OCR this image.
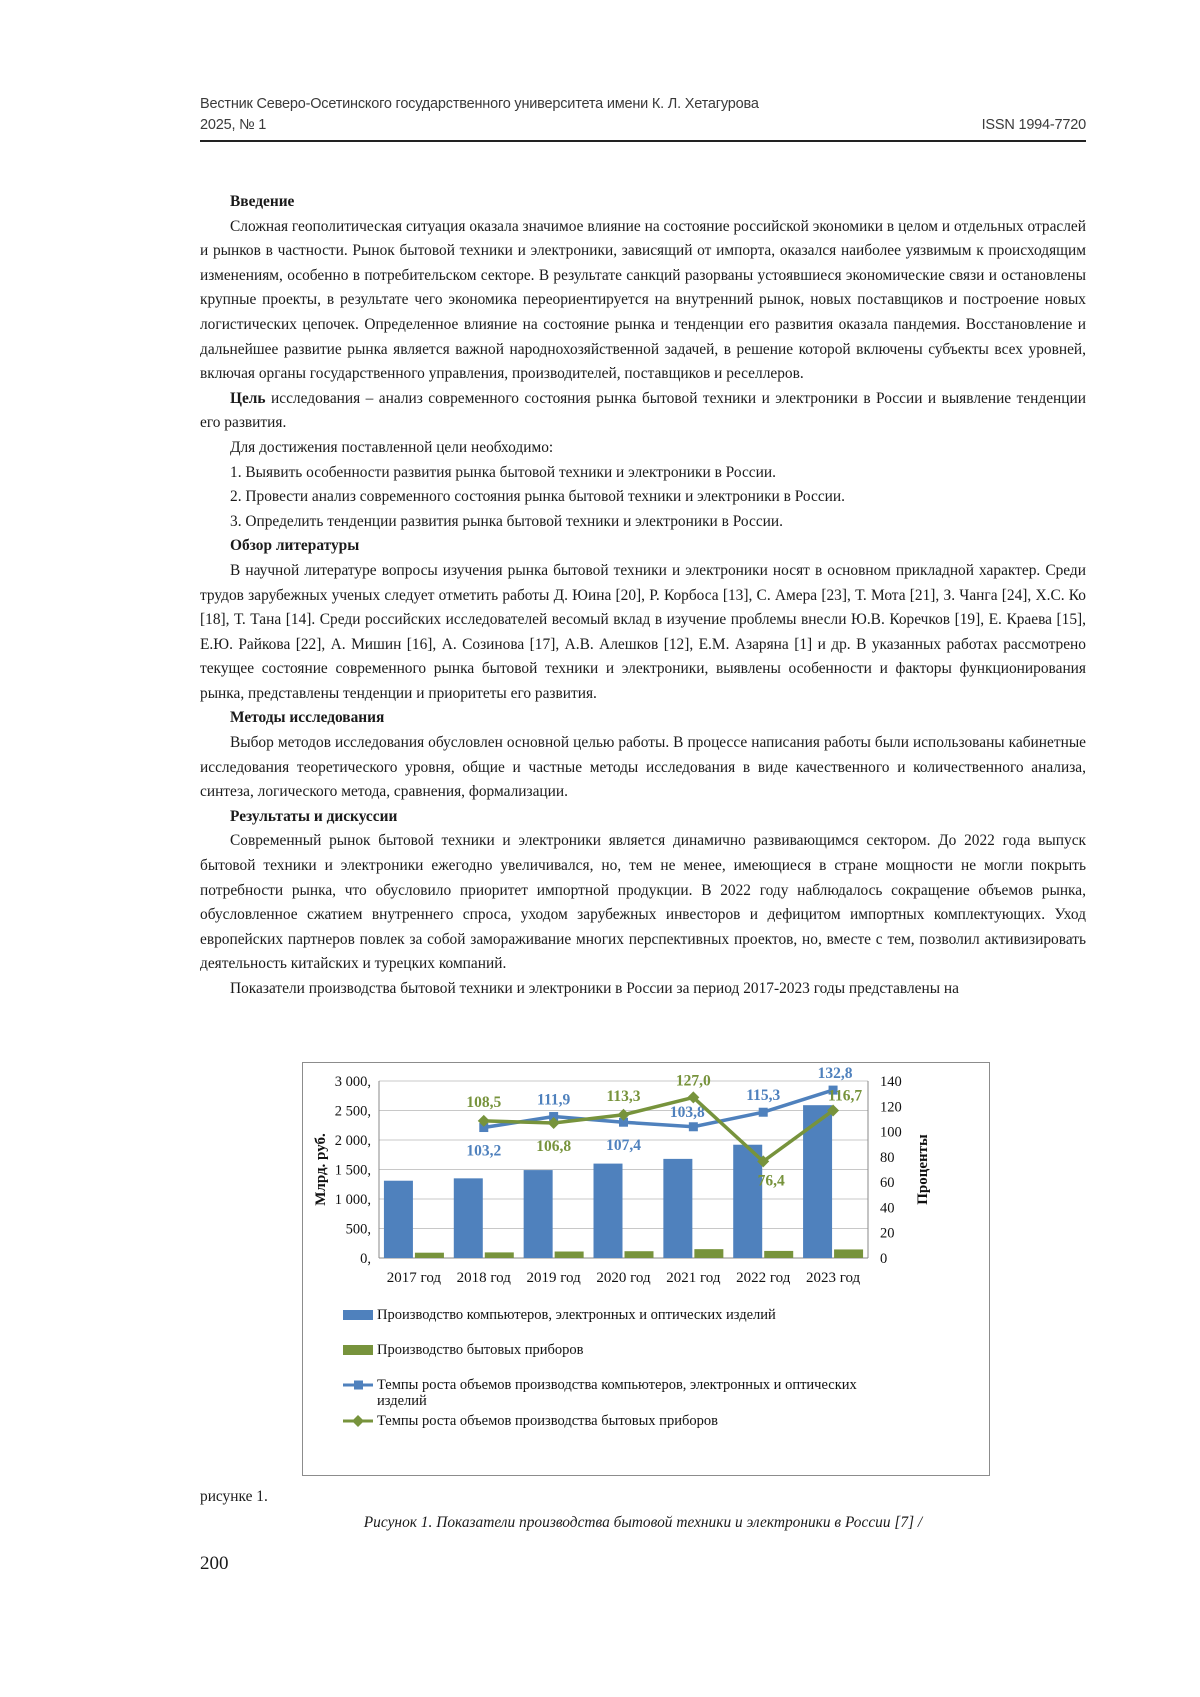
Вестник Северо-Осетинского государственного университета имени К. Л. Хетагурова
2025, № 1	ISSN 1994-7720

Введение

Сложная геополитическая ситуация оказала значимое влияние на состояние российской экономики в целом и отдельных отраслей и рынков в частности. Рынок бытовой техники и электроники, зависящий от импорта, оказался наиболее уязвимым к происходящим изменениям, особенно в потребительском секторе. В результате санкций разорваны устоявшиеся экономические связи и остановлены крупные проекты, в результате чего экономика переориентируется на внутренний рынок, новых поставщиков и построение новых логистических цепочек. Определенное влияние на состояние рынка и тенденции его развития оказала пандемия. Восстановление и дальнейшее развитие рынка является важной народнохозяйственной задачей, в решение которой включены субъекты всех уровней, включая органы государственного управления, производителей, поставщиков и реселлеров.

Цель исследования – анализ современного состояния рынка бытовой техники и электроники в России и выявление тенденции его развития.

Для достижения поставленной цели необходимо:

1. Выявить особенности развития рынка бытовой техники и электроники в России.

2. Провести анализ современного состояния рынка бытовой техники и электроники в России.

3. Определить тенденции развития рынка бытовой техники и электроники в России.

Обзор литературы

В научной литературе вопросы изучения рынка бытовой техники и электроники носят в основном прикладной характер. Среди трудов зарубежных ученых следует отметить работы Д. Юина [20], Р. Корбоса [13], С. Амера [23], Т. Мота [21], З. Чанга [24], Х.С. Ко [18], Т. Тана [14]. Среди российских исследователей весомый вклад в изучение проблемы внесли Ю.В. Коречков [19], Е. Краева [15], Е.Ю. Райкова [22], А. Мишин [16], А. Созинова [17], А.В. Алешков [12], Е.М. Азаряна [1] и др. В указанных работах рассмотрено текущее состояние современного рынка бытовой техники и электроники, выявлены особенности и факторы функционирования рынка, представлены тенденции и приоритеты его развития.

Методы исследования

Выбор методов исследования обусловлен основной целью работы. В процессе написания работы были использованы кабинетные исследования теоретического уровня, общие и частные методы исследования в виде качественного и количественного анализа, синтеза, логического метода, сравнения, формализации.

Результаты и дискуссии

Современный рынок бытовой техники и электроники является динамично развивающимся сектором. До 2022 года выпуск бытовой техники и электроники ежегодно увеличивался, но, тем не менее, имеющиеся в стране мощности не могли покрыть потребности рынка, что обусловило приоритет импортной продукции. В 2022 году наблюдалось сокращение объемов рынка, обусловленное сжатием внутреннего спроса, уходом зарубежных инвесторов и дефицитом импортных комплектующих. Уход европейских партнеров повлек за собой замораживание многих перспективных проектов, но, вместе с тем, позволил активизировать деятельность китайских и турецких компаний.

Показатели производства бытовой техники и электроники в России за период 2017-2023 годы представлены на

0,
500,
1 000,
1 500,
2 000,
2 500,
3 000,
0
20
40
60
80
100
120
140
Млрд. руб.	Проценты
2017 год 2018 год 2019 год 2020 год 2021 год 2022 год 2023 год
103,2
111,9
107,4
103,8
115,3
132,8
108,5
106,8
113,3
127,0
76,4
116,7
Производство компьютеров, электронных и оптических изделий
Производство бытовых приборов
Темпы роста объемов производства компьютеров, электронных и оптических
изделий
Темпы роста объемов производства бытовых приборов
рисунке 1.
Рисунок 1. Показатели производства бытовой техники и электроники в России [7] /
200
